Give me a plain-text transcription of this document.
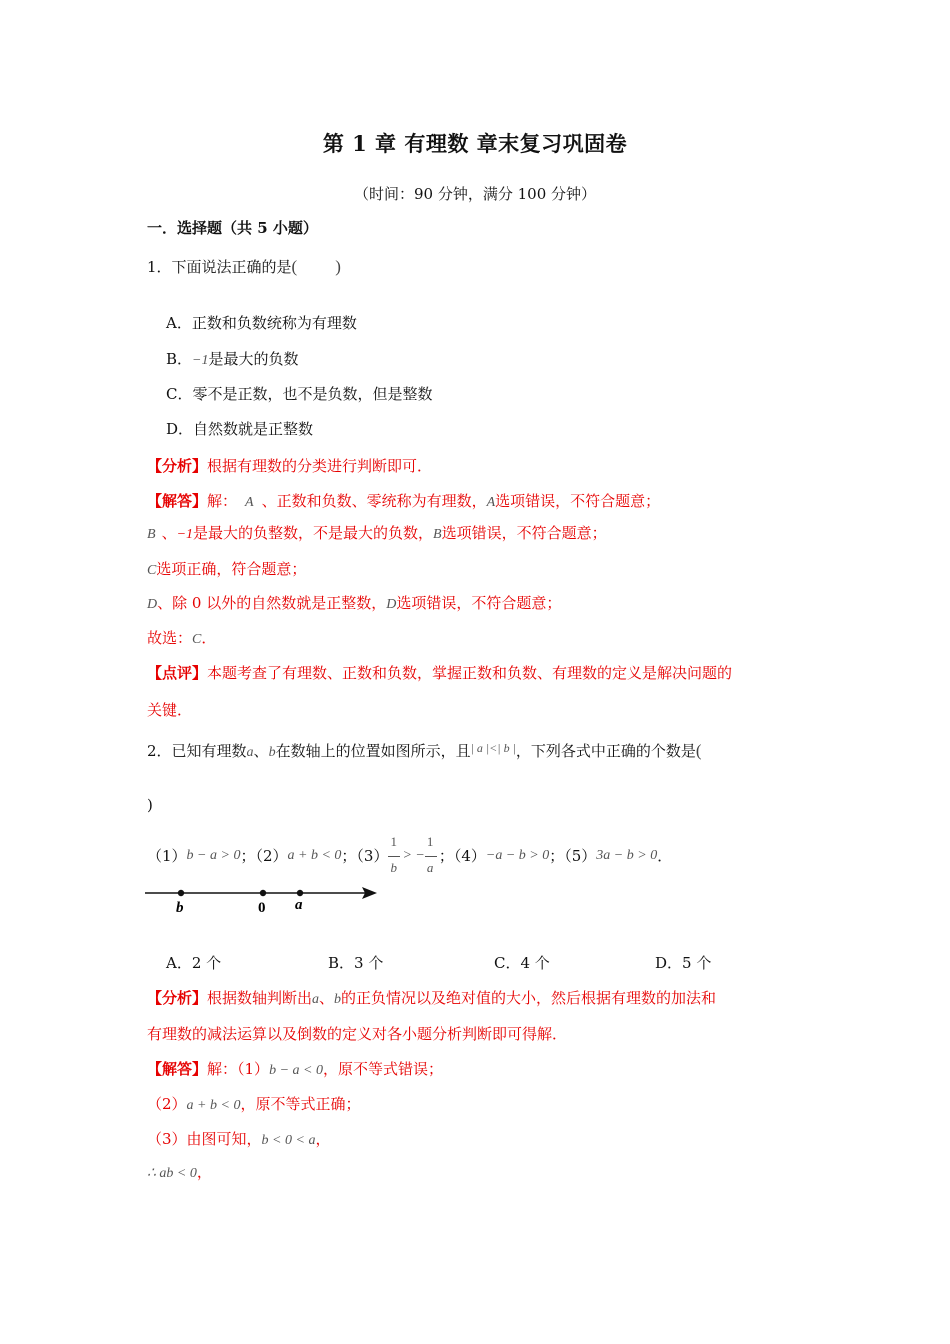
第 1 章 有理数 章末复习巩固卷
（时间：90 分钟，满分 100 分钟）
一．选择题（共 5 小题）
1．下面说法正确的是( )
A．正数和负数统称为有理数
B．−1是最大的负数
C．零不是正数，也不是负数，但是整数
D．自然数就是正整数
【分析】根据有理数的分类进行判断即可．
【解答】解： A 、正数和负数、零统称为有理数，A选项错误，不符合题意；
B 、−1是最大的负整数，不是最大的负数，B选项错误，不符合题意；
C选项正确，符合题意；
D、除 0 以外的自然数就是正整数，D选项错误，不符合题意；
故选：C．
【点评】本题考查了有理数、正数和负数，掌握正数和负数、有理数的定义是解决问题的
关键．
2．已知有理数a、b在数轴上的位置如图所示，且$^{| a |<| b |}$，下列各式中正确的个数是(
)
（1）b − a > 0；（2）a + b < 0；$(3) \frac{1}{b}$ > − $\frac{1}{a}$ ；（4）−a − b > 0；（5）3a − b > 0．
b	0 a
A．2 个	B．3 个	C．4 个	D．5 个
【分析】根据数轴判断出a、b的正负情况以及绝对值的大小，然后根据有理数的加法和
有理数的减法运算以及倒数的定义对各小题分析判断即可得解．
【解答】解：（1）b − a < 0，原不等式错误；
（2）a + b < 0，原不等式正确；
（3）由图可知，b < 0 < a，
∴ ab < 0，
